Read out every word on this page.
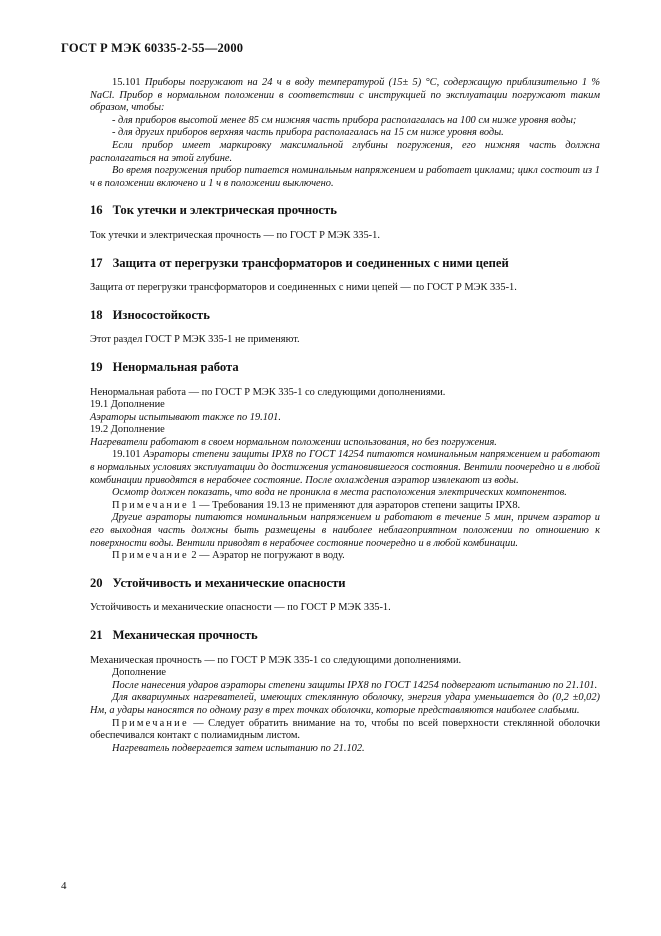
ГОСТ Р МЭК 60335-2-55—2000

15.101 Приборы погружают на 24 ч в воду температурой (15± 5) °С, содержащую приблизительно 1 % NaCl. Прибор в нормальном положении в соответствии с инструкцией по эксплуатации погружают таким образом, чтобы:

- для приборов высотой менее 85 см нижняя часть прибора располагалась на 100 см ниже уровня воды;

- для других приборов верхняя часть прибора располагалась на 15 см ниже уровня воды.

Если прибор имеет маркировку максимальной глубины погружения, его нижняя часть должна располагаться на этой глубине.

Во время погружения прибор питается номинальным напряжением и работает циклами; цикл состоит из 1 ч в положении включено и 1 ч в положении выключено.

16 Ток утечки и электрическая прочность

Ток утечки и электрическая прочность — по ГОСТ Р МЭК 335-1.

17 Защита от перегрузки трансформаторов и соединенных с ними цепей

Защита от перегрузки трансформаторов и соединенных с ними цепей — по ГОСТ Р МЭК 335-1.

18 Износостойкость

Этот раздел ГОСТ Р МЭК 335-1 не применяют.

19 Ненормальная работа

Ненормальная работа — по ГОСТ Р МЭК 335-1 со следующими дополнениями.

19.1 Дополнение

Аэраторы испытывают также по 19.101.

19.2 Дополнение

Нагреватели работают в своем нормальном положении использования, но без погружения.

19.101 Аэраторы степени защиты IPX8 по ГОСТ 14254 питаются номинальным напряжением и работают в нормальных условиях эксплуатации до достижения установившегося состояния. Вентили поочередно и в любой комбинации приводятся в нерабочее состояние. После охлаждения аэратор извлекают из воды.

Осмотр должен показать, что вода не проникла в места расположения электрических компонентов.

Примечание 1 — Требования 19.13 не применяют для аэраторов степени защиты IPX8.

Другие аэраторы питаются номинальным напряжением и работают в течение 5 мин, причем аэратор и его выходная часть должны быть размещены в наиболее неблагоприятном положении по отношению к поверхности воды. Вентили приводят в нерабочее состояние поочередно и в любой комбинации.

Примечание 2 — Аэратор не погружают в воду.

20 Устойчивость и механические опасности

Устойчивость и механические опасности — по ГОСТ Р МЭК 335-1.

21 Механическая прочность

Механическая прочность — по ГОСТ Р МЭК 335-1 со следующими дополнениями.

Дополнение

После нанесения ударов аэраторы степени защиты IPX8 по ГОСТ 14254 подвергают испытанию по 21.101.

Для аквариумных нагревателей, имеющих стеклянную оболочку, энергия удара уменьшается до (0,2 ±0,02) Нм, а удары наносятся по одному разу в трех точках оболочки, которые представляются наиболее слабыми.

Примечание — Следует обратить внимание на то, чтобы по всей поверхности стеклянной оболочки обеспечивался контакт с полиамидным листом.

Нагреватель подвергается затем испытанию по 21.102.

4
